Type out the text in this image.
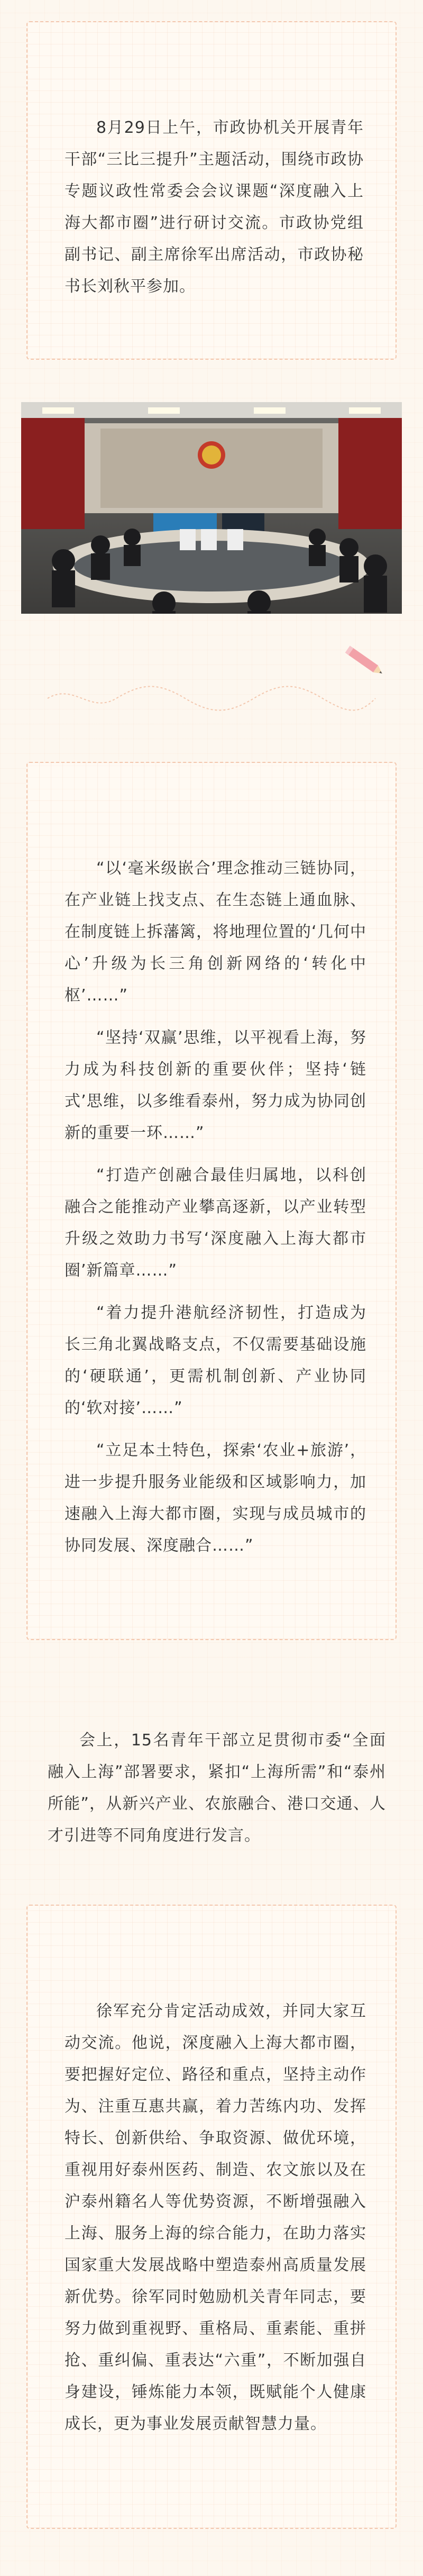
8月29日上午，市政协机关开展青年干部“三比三提升”主题活动，围绕市政协专题议政性常委会会议课题“深度融入上海大都市圈”进行研讨交流。市政协党组副书记、副主席徐军出席活动，市政协秘书长刘秋平参加。

“以‘毫米级嵌合’理念推动三链协同，在产业链上找支点、在生态链上通血脉、在制度链上拆藩篱，将地理位置的‘几何中心’升级为长三角创新网络的‘转化中枢’……”

“坚持‘双赢’思维，以平视看上海，努力成为科技创新的重要伙伴；坚持‘链式’思维，以多维看泰州，努力成为协同创新的重要一环……”

“打造产创融合最佳归属地，以科创融合之能推动产业攀高逐新，以产业转型升级之效助力书写‘深度融入上海大都市圈’新篇章……”

“着力提升港航经济韧性，打造成为长三角北翼战略支点，不仅需要基础设施的‘硬联通’，更需机制创新、产业协同的‘软对接’……”

“立足本土特色，探索‘农业+旅游’，进一步提升服务业能级和区域影响力，加速融入上海大都市圈，实现与成员城市的协同发展、深度融合……”

会上，15名青年干部立足贯彻市委“全面融入上海”部署要求，紧扣“上海所需”和“泰州所能”，从新兴产业、农旅融合、港口交通、人才引进等不同角度进行发言。

徐军充分肯定活动成效，并同大家互动交流。他说，深度融入上海大都市圈，要把握好定位、路径和重点，坚持主动作为、注重互惠共赢，着力苦练内功、发挥特长、创新供给、争取资源、做优环境，重视用好泰州医药、制造、农文旅以及在沪泰州籍名人等优势资源，不断增强融入上海、服务上海的综合能力，在助力落实国家重大发展战略中塑造泰州高质量发展新优势。徐军同时勉励机关青年同志，要努力做到重视野、重格局、重素能、重拼抢、重纠偏、重表达“六重”，不断加强自身建设，锤炼能力本领，既赋能个人健康成长，更为事业发展贡献智慧力量。
